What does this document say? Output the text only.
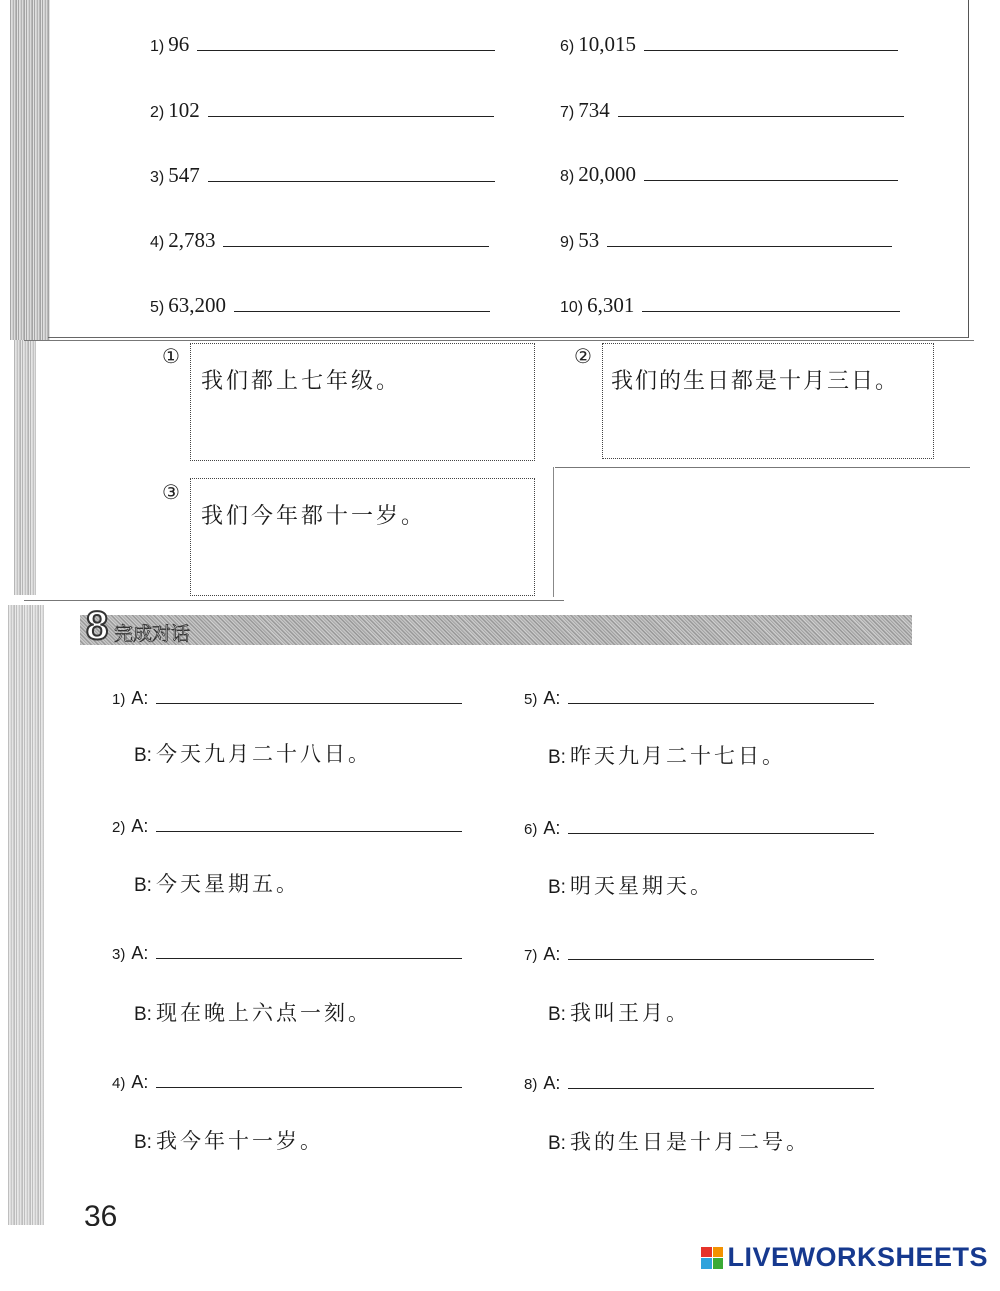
1) 96
2) 102
3) 547
4) 2,783
5) 63,200
6) 10,015
7) 734
8) 20,000
9) 53
10) 6,301
①
我们都上七年级。
②
我们的生日都是十月三日。
③
我们今年都十一岁。
8 完成对话
1) A:
B: 今天九月二十八日。
2) A:
B: 今天星期五。
3) A:
B: 现在晚上六点一刻。
4) A:
B: 我今年十一岁。
5) A:
B: 昨天九月二十七日。
6) A:
B: 明天星期天。
7) A:
B: 我叫王月。
8) A:
B: 我的生日是十月二号。
36
LIVEWORKSHEETS
